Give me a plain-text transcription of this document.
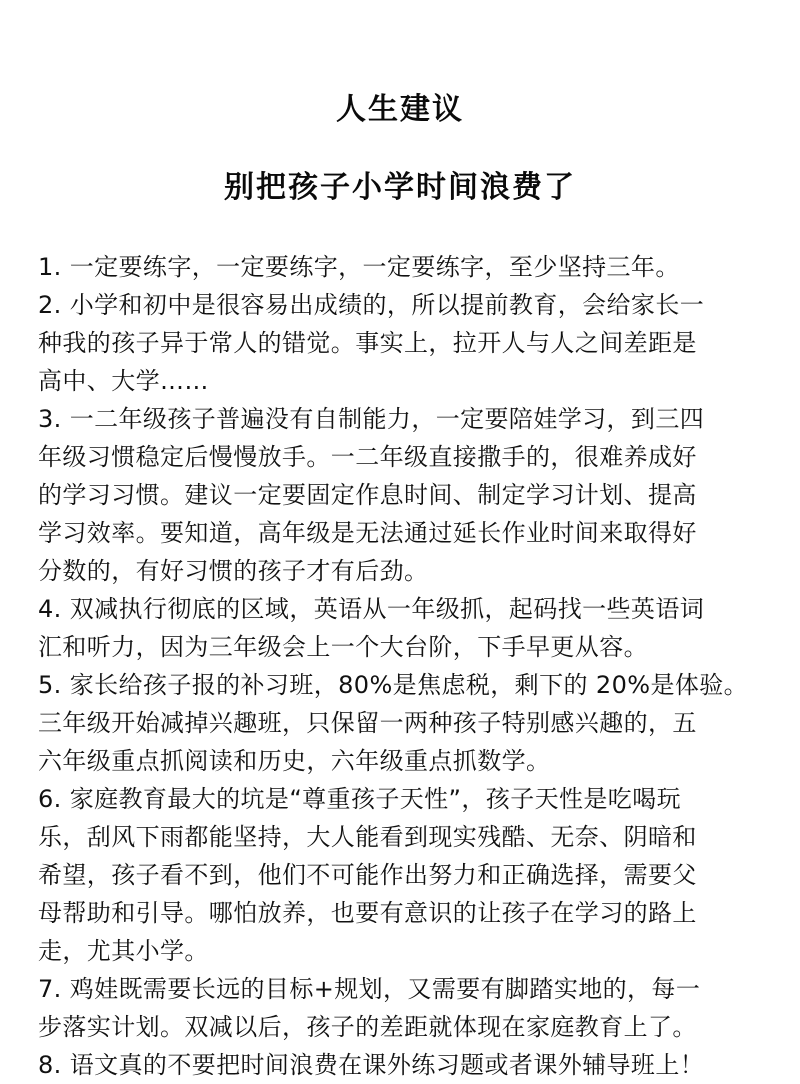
人生建议
别把孩子小学时间浪费了
1. 一定要练字，一定要练字，一定要练字，至少坚持三年。
2. 小学和初中是很容易出成绩的，所以提前教育，会给家长一
种我的孩子异于常人的错觉。事实上，拉开人与人之间差距是
高中、大学……
3. 一二年级孩子普遍没有自制能力，一定要陪娃学习，到三四
年级习惯稳定后慢慢放手。一二年级直接撒手的，很难养成好
的学习习惯。建议一定要固定作息时间、制定学习计划、提高
学习效率。要知道，高年级是无法通过延长作业时间来取得好
分数的，有好习惯的孩子才有后劲。
4. 双减执行彻底的区域，英语从一年级抓，起码找一些英语词
汇和听力，因为三年级会上一个大台阶，下手早更从容。
5. 家长给孩子报的补习班，80%是焦虑税，剩下的 20%是体验。
三年级开始减掉兴趣班，只保留一两种孩子特别感兴趣的，五
六年级重点抓阅读和历史，六年级重点抓数学。
6. 家庭教育最大的坑是“尊重孩子天性”，孩子天性是吃喝玩
乐，刮风下雨都能坚持，大人能看到现实残酷、无奈、阴暗和
希望，孩子看不到，他们不可能作出努力和正确选择，需要父
母帮助和引导。哪怕放养，也要有意识的让孩子在学习的路上
走，尤其小学。
7. 鸡娃既需要长远的目标+规划，又需要有脚踏实地的，每一
步落实计划。双减以后，孩子的差距就体现在家庭教育上了。
8. 语文真的不要把时间浪费在课外练习题或者课外辅导班上！
